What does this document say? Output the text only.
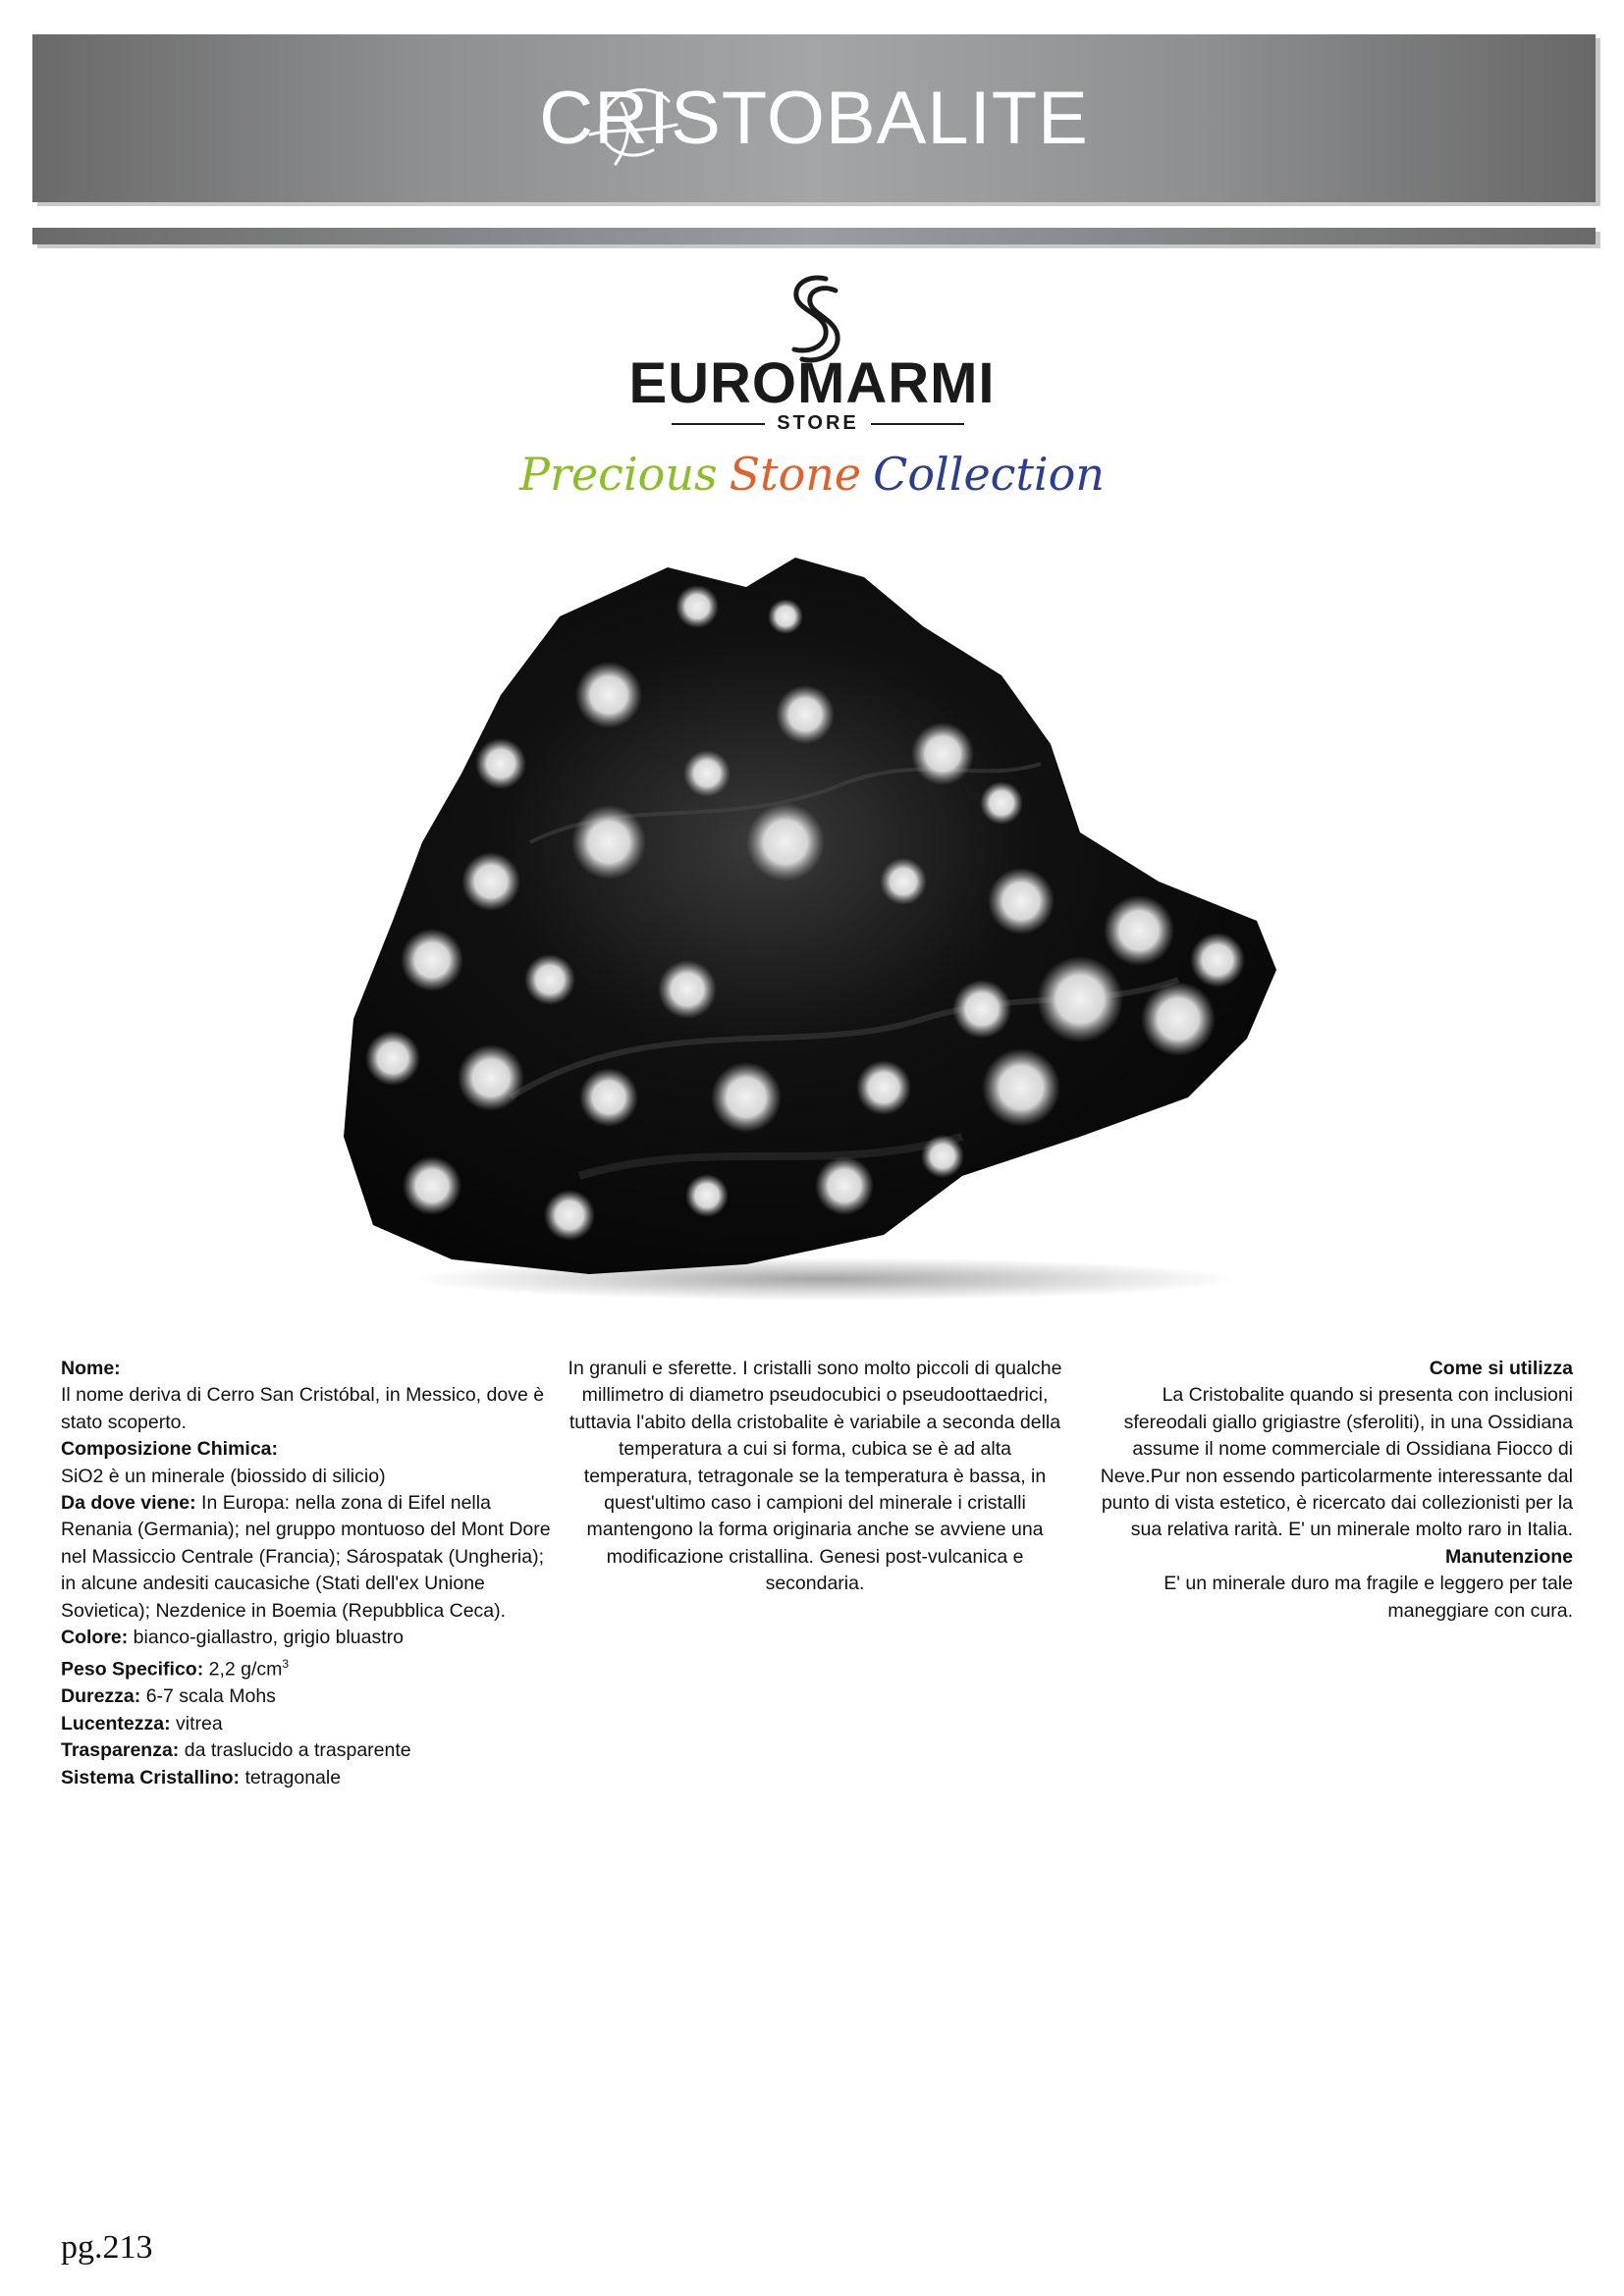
CRISTOBALITE
EUROMARMI
STORE
Precious Stone Collection

Nome:

Il nome deriva di Cerro San Cristóbal, in Messico, dove è stato scoperto.

Composizione Chimica:

SiO2 è un minerale (biossido di silicio)

Da dove viene: In Europa: nella zona di Eifel nella Renania (Germania); nel gruppo montuoso del Mont Dore nel Massiccio Centrale (Francia); Sárospatak (Ungheria); in alcune andesiti caucasiche (Stati dell'ex Unione Sovietica); Nezdenice in Boemia (Repubblica Ceca).

Colore: bianco-giallastro, grigio bluastro

Peso Specifico: 2,2 $g/cm^3$

Durezza: 6-7 scala Mohs

Lucentezza: vitrea

Trasparenza: da traslucido a trasparente

Sistema Cristallino: tetragonale

In granuli e sferette. I cristalli sono molto piccoli di qualche millimetro di diametro pseudocubici o pseudoottaedrici, tuttavia l'abito della cristobalite è variabile a seconda della temperatura a cui si forma, cubica se è ad alta temperatura, tetragonale se la temperatura è bassa, in quest'ultimo caso i campioni del minerale i cristalli mantengono la forma originaria anche se avviene una modificazione cristallina. Genesi post-vulcanica e secondaria.

Come si utilizza

La Cristobalite quando si presenta con inclusioni sfereodali giallo grigiastre (sferoliti), in una Ossidiana assume il nome commerciale di Ossidiana Fiocco di Neve.Pur non essendo particolarmente interessante dal punto di vista estetico, è ricercato dai collezionisti per la sua relativa rarità. E' un minerale molto raro in Italia.

Manutenzione

E' un minerale duro ma fragile e leggero per tale maneggiare con cura.

pg.213
